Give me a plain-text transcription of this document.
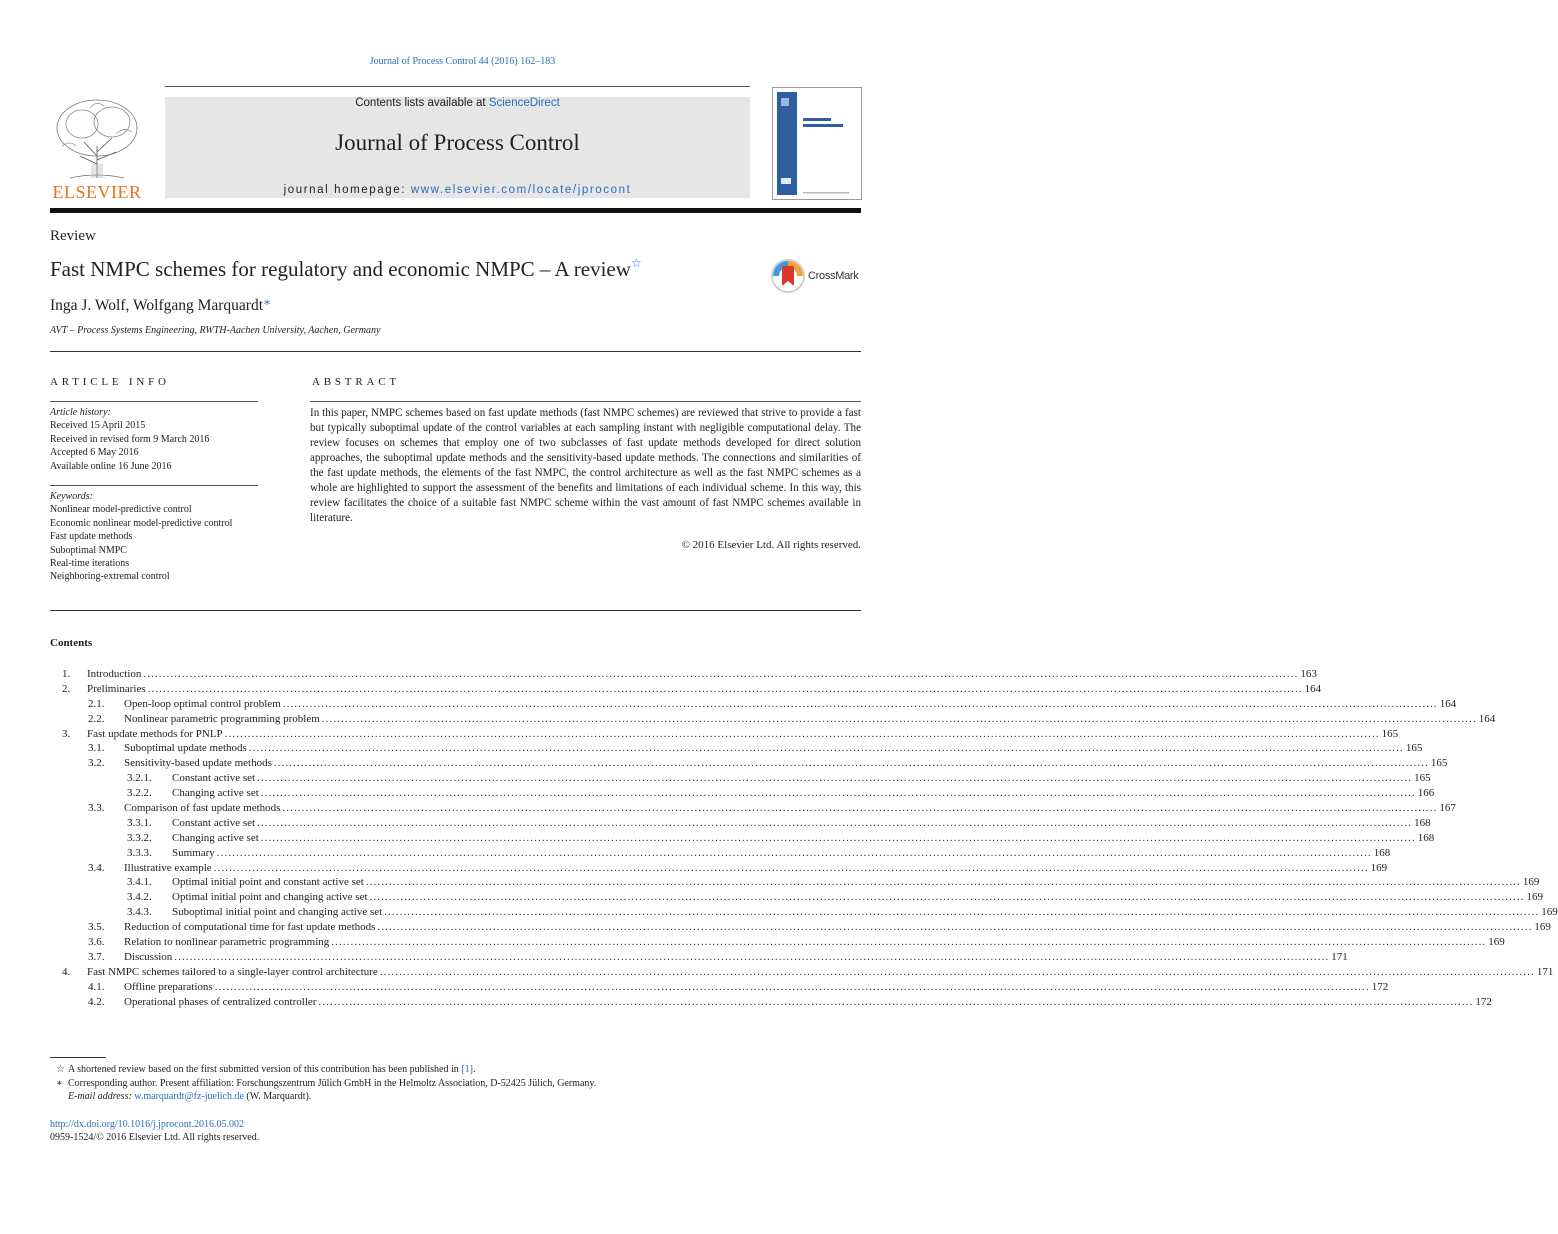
Journal of Process Control 44 (2016) 162–183
ELSEVIER
Contents lists available at ScienceDirect
Journal of Process Control
journal homepage: www.elsevier.com/locate/jprocont
Review
Fast NMPC schemes for regulatory and economic NMPC – A review☆
CrossMark
Inga J. Wolf, Wolfgang Marquardt∗
AVT – Process Systems Engineering, RWTH-Aachen University, Aachen, Germany
ARTICLE INFO	ABSTRACT
Article history:
Received 15 April 2015
Received in revised form 9 March 2016
Accepted 6 May 2016
Available online 16 June 2016
Keywords:
Nonlinear model-predictive control
Economic nonlinear model-predictive control
Fast update methods
Suboptimal NMPC
Real-time iterations
Neighboring-extremal control
In this paper, NMPC schemes based on fast update methods (fast NMPC schemes) are reviewed that strive to provide a fast but typically suboptimal update of the control variables at each sampling instant with negligible computational delay. The review focuses on schemes that employ one of two subclasses of fast update methods developed for direct solution approaches, the suboptimal update methods and the sensitivity-based update methods. The connections and similarities of the fast update methods, the elements of the fast NMPC, the control architecture as well as the fast NMPC schemes as a whole are highlighted to support the assessment of the benefits and limitations of each individual scheme. In this way, this review facilitates the choice of a suitable fast NMPC scheme within the vast amount of fast NMPC schemes available in literature.
© 2016 Elsevier Ltd. All rights reserved.
Contents
1. Introduction ............................................................................................................................................................................................................................................................................................................ 163
2. Preliminaries ............................................................................................................................................................................................................................................................................................................ 164
2.1. Open-loop optimal control problem ............................................................................................................................................................................................................................................................................................................ 164
2.2. Nonlinear parametric programming problem ............................................................................................................................................................................................................................................................................................................ 164
3. Fast update methods for PNLP ............................................................................................................................................................................................................................................................................................................ 165
3.1. Suboptimal update methods ............................................................................................................................................................................................................................................................................................................ 165
3.2. Sensitivity-based update methods ............................................................................................................................................................................................................................................................................................................ 165
3.2.1. Constant active set ............................................................................................................................................................................................................................................................................................................ 165
3.2.2. Changing active set ............................................................................................................................................................................................................................................................................................................ 166
3.3. Comparison of fast update methods ............................................................................................................................................................................................................................................................................................................ 167
3.3.1. Constant active set ............................................................................................................................................................................................................................................................................................................ 168
3.3.2. Changing active set ............................................................................................................................................................................................................................................................................................................ 168
3.3.3. Summary ............................................................................................................................................................................................................................................................................................................ 168
3.4. Illustrative example ............................................................................................................................................................................................................................................................................................................ 169
3.4.1. Optimal initial point and constant active set ............................................................................................................................................................................................................................................................................................................ 169
3.4.2. Optimal initial point and changing active set ............................................................................................................................................................................................................................................................................................................ 169
3.4.3. Suboptimal initial point and changing active set ............................................................................................................................................................................................................................................................................................................ 169
3.5. Reduction of computational time for fast update methods ............................................................................................................................................................................................................................................................................................................ 169
3.6. Relation to nonlinear parametric programming ............................................................................................................................................................................................................................................................................................................ 169
3.7. Discussion ............................................................................................................................................................................................................................................................................................................ 171
4. Fast NMPC schemes tailored to a single-layer control architecture ............................................................................................................................................................................................................................................................................................................ 171
4.1. Offline preparations ............................................................................................................................................................................................................................................................................................................ 172
4.2. Operational phases of centralized controller ............................................................................................................................................................................................................................................................................................................ 172
☆ A shortened review based on the first submitted version of this contribution has been published in [1].
∗ Corresponding author. Present affiliation: Forschungszentrum Jülich GmbH in the Helmoltz Association, D-52425 Jülich, Germany.
E-mail address: w.marquardt@fz-juelich.de (W. Marquardt).
http://dx.doi.org/10.1016/j.jprocont.2016.05.002
0959-1524/© 2016 Elsevier Ltd. All rights reserved.
